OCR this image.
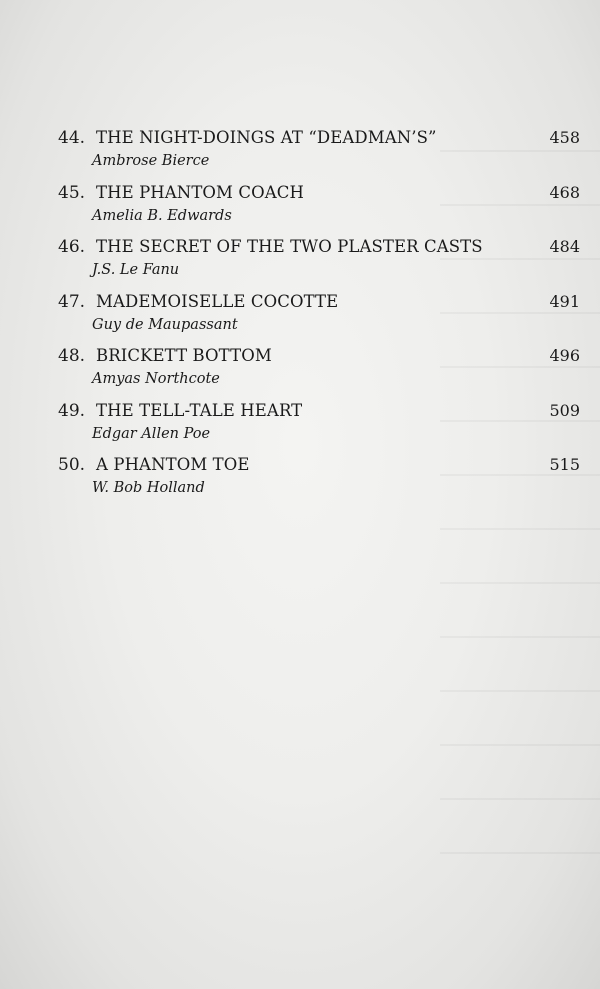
44. THE NIGHT-DOINGS AT “DEADMAN’S”	458
Ambrose Bierce
45. THE PHANTOM COACH	468
Amelia B. Edwards
46. THE SECRET OF THE TWO PLASTER CASTS	484
J.S. Le Fanu
47. MADEMOISELLE COCOTTE	491
Guy de Maupassant
48. BRICKETT BOTTOM	496
Amyas Northcote
49. THE TELL-TALE HEART	509
Edgar Allen Poe
50. A PHANTOM TOE	515
W. Bob Holland
